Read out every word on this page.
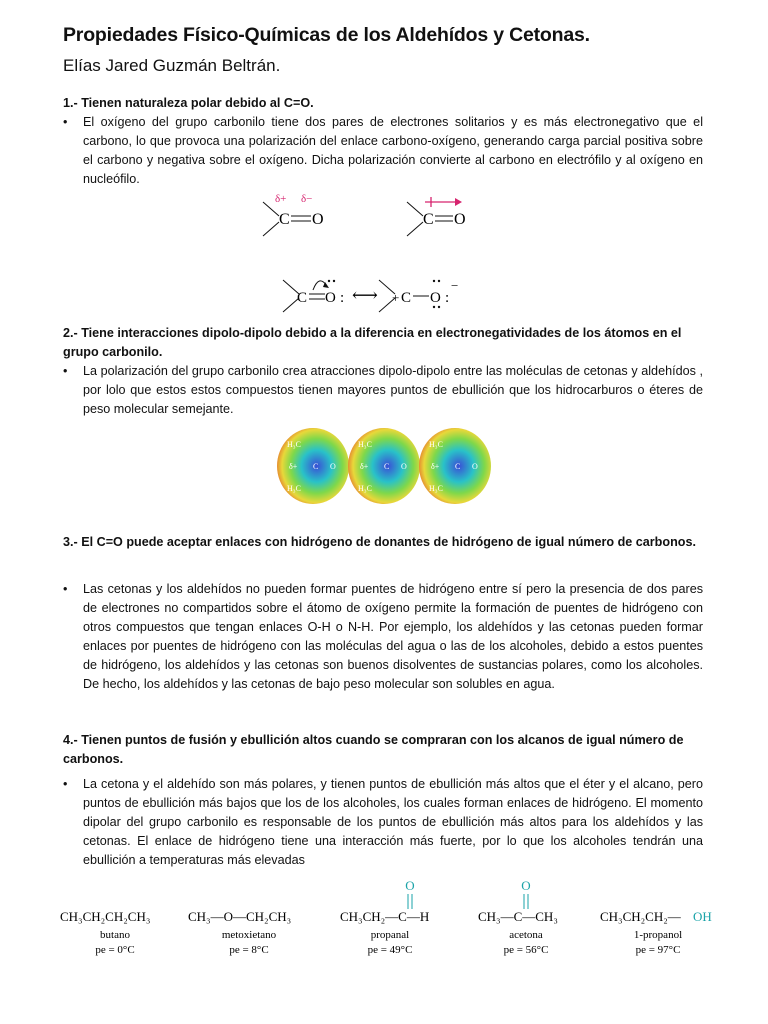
Propiedades Físico-Químicas de los Aldehídos y Cetonas.
Elías Jared Guzmán Beltrán.
1.- Tienen naturaleza polar debido al C=O.
• El oxígeno del grupo carbonilo tiene dos pares de electrones solitarios y es más electronegativo que el carbono, lo que provoca una polarización del enlace carbono-oxígeno, generando carga parcial positiva sobre el carbono y negativa sobre el oxígeno. Dicha polarización convierte al carbono en electrófilo y al oxígeno en nucleófilo.
δ+ δ−
C O	C O
C O : ⟷ + C O :
−
2.- Tiene interacciones dipolo-dipolo debido a la diferencia en electronegatividades de los átomos en el grupo carbonilo.
• La polarización del grupo carbonilo crea atracciones dipolo-dipolo entre las moléculas de cetonas y aldehídos , por lolo que estos estos compuestos tienen mayores puntos de ebullición que los hidrocarburos o éteres de peso molecular semejante.
H₃C
H₃C
δ+ C O
H₃C
H₃C
δ+ C O
H₃C
H₃C
δ+ C O
3.- El C=O puede aceptar enlaces con hidrógeno de donantes de hidrógeno de igual número de carbonos.
• Las cetonas y los aldehídos no pueden formar puentes de hidrógeno entre sí pero la presencia de dos pares de electrones no compartidos sobre el átomo de oxígeno permite la formación de puentes de hidrógeno con otros compuestos que tengan enlaces O-H o N-H. Por ejemplo, los aldehídos y las cetonas pueden formar enlaces por puentes de hidrógeno con las moléculas del agua o las de los alcoholes, debido a estos puentes de hidrógeno, los aldehídos y las cetonas son buenos disolventes de sustancias polares, como los alcoholes. De hecho, los aldehídos y las cetonas de bajo peso molecular son solubles en agua.
4.- Tienen puntos de fusión y ebullición altos cuando se compraran con los alcanos de igual número de carbonos.
• La cetona y el aldehído son más polares, y tienen puntos de ebullición más altos que el éter y el alcano, pero puntos de ebullición más bajos que los de los alcoholes, los cuales forman enlaces de hidrógeno. El momento dipolar del grupo carbonilo es responsable de los puntos de ebullición más altos para los aldehídos y las cetonas. El enlace de hidrógeno tiene una interacción más fuerte, por lo que los alcoholes tendrán una ebullición a temperaturas más elevadas
CH₃CH₂CH₂CH₃
butano
pe = 0°C
CH₃—O—CH₂CH₃
metoxietano
pe = 8°C
O
CH₃CH₂—C—H
propanal
pe = 49°C
O
CH₃—C—CH₃
acetona
pe = 56°C
CH₃CH₂CH₂— OH
1-propanol
pe = 97°C
